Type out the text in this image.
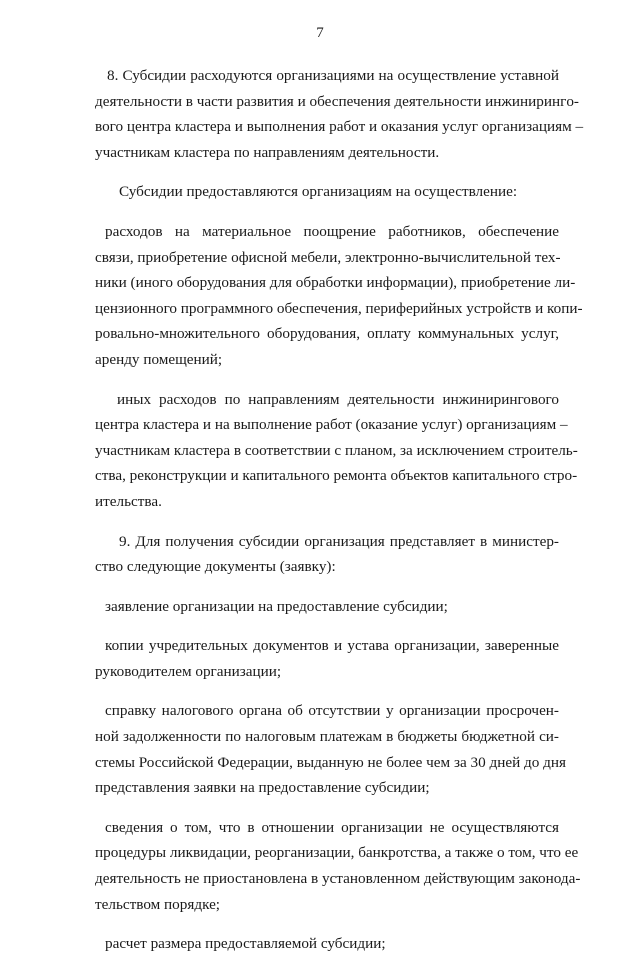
7
8. Субсидии расходуются организациями на осуществление уставной
деятельности в части развития и обеспечения деятельности инжинирингo-
вого центра кластера и выполнения работ и оказания услуг организациям –
участникам кластера по направлениям деятельности.
Субсидии предоставляются организациям на осуществление:
расходов на материальное поощрение работников, обеспечение
связи, приобретение офисной мебели, электронно-вычислительной тех-
ники (иного оборудования для обработки информации), приобретение ли-
цензионного программного обеспечения, периферийных устройств и копи-
ровально-множительного оборудования, оплату коммунальных услуг,
аренду помещений;
иных расходов по направлениям деятельности инжинирингового
центра кластера и на выполнение работ (оказание услуг) организациям –
участникам кластера в соответствии с планом, за исключением строитель-
ства, реконструкции и капитального ремонта объектов капитального стро-
ительства.
9. Для получения субсидии организация представляет в министер-
ство следующие документы (заявку):
заявление организации на предоставление субсидии;
копии учредительных документов и устава организации, заверенные
руководителем организации;
справку налогового органа об отсутствии у организации просрочен-
ной задолженности по налоговым платежам в бюджеты бюджетной си-
стемы Российской Федерации, выданную не более чем за 30 дней до дня
представления заявки на предоставление субсидии;
сведения о том, что в отношении организации не осуществляются
процедуры ликвидации, реорганизации, банкротства, а также о том, что ее
деятельность не приостановлена в установленном действующим законода-
тельством порядке;
расчет размера предоставляемой субсидии;
